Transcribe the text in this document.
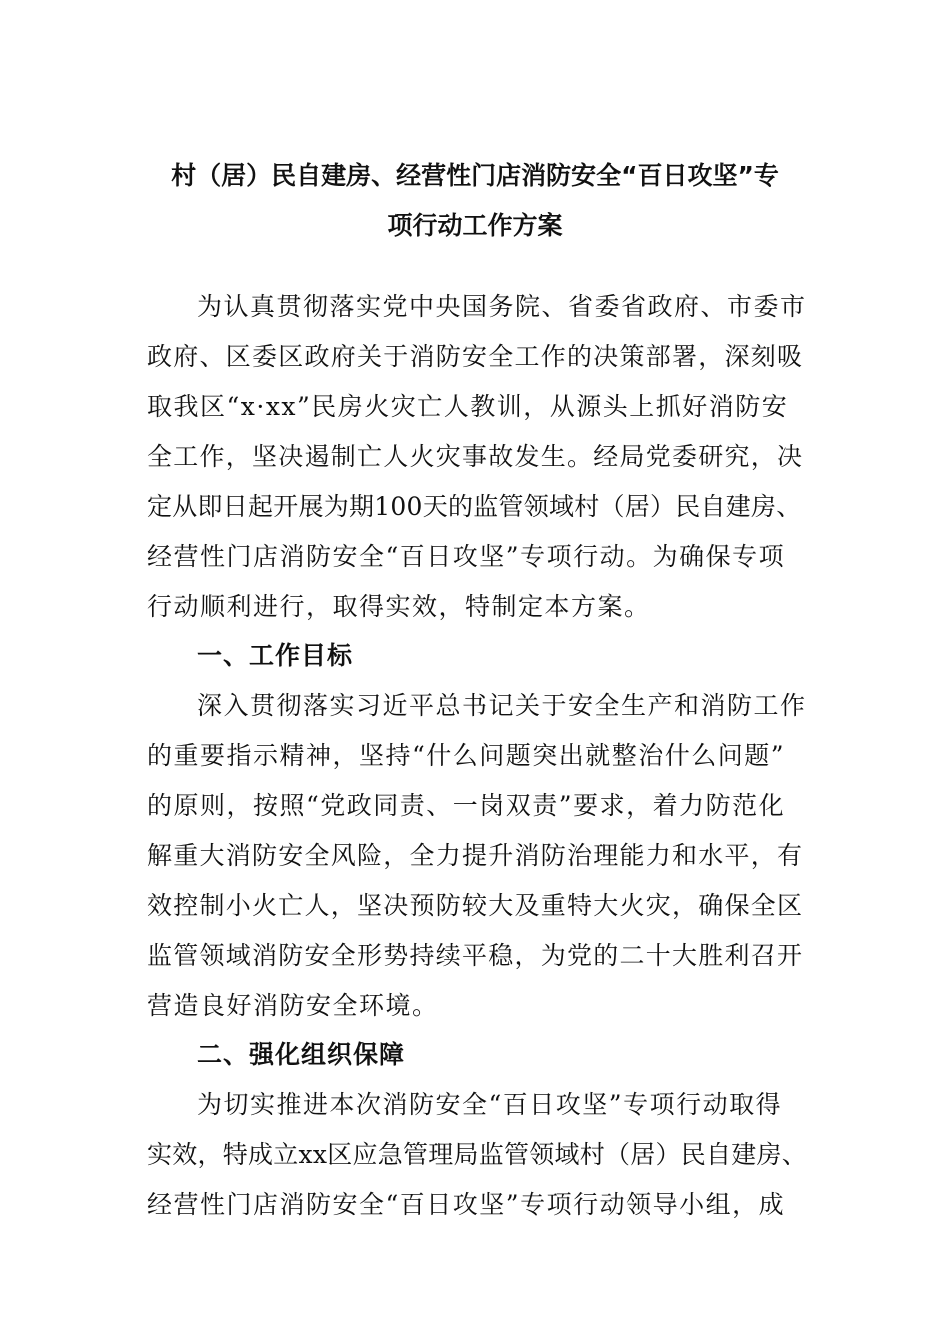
村（居）民自建房、经营性门店消防安全“百日攻坚”专
项行动工作方案
为认真贯彻落实党中央国务院、省委省政府、市委市
政府、区委区政府关于消防安全工作的决策部署，深刻吸
取我区“x·xx”民房火灾亡人教训，从源头上抓好消防安
全工作，坚决遏制亡人火灾事故发生。经局党委研究，决
定从即日起开展为期100天的监管领域村（居）民自建房、
经营性门店消防安全“百日攻坚”专项行动。为确保专项
行动顺利进行，取得实效，特制定本方案。
一、工作目标
深入贯彻落实习近平总书记关于安全生产和消防工作
的重要指示精神，坚持“什么问题突出就整治什么问题”
的原则，按照“党政同责、一岗双责”要求，着力防范化
解重大消防安全风险，全力提升消防治理能力和水平，有
效控制小火亡人，坚决预防较大及重特大火灾，确保全区
监管领域消防安全形势持续平稳，为党的二十大胜利召开
营造良好消防安全环境。
二、强化组织保障
为切实推进本次消防安全“百日攻坚”专项行动取得
实效，特成立xx区应急管理局监管领域村（居）民自建房、
经营性门店消防安全“百日攻坚”专项行动领导小组，成
